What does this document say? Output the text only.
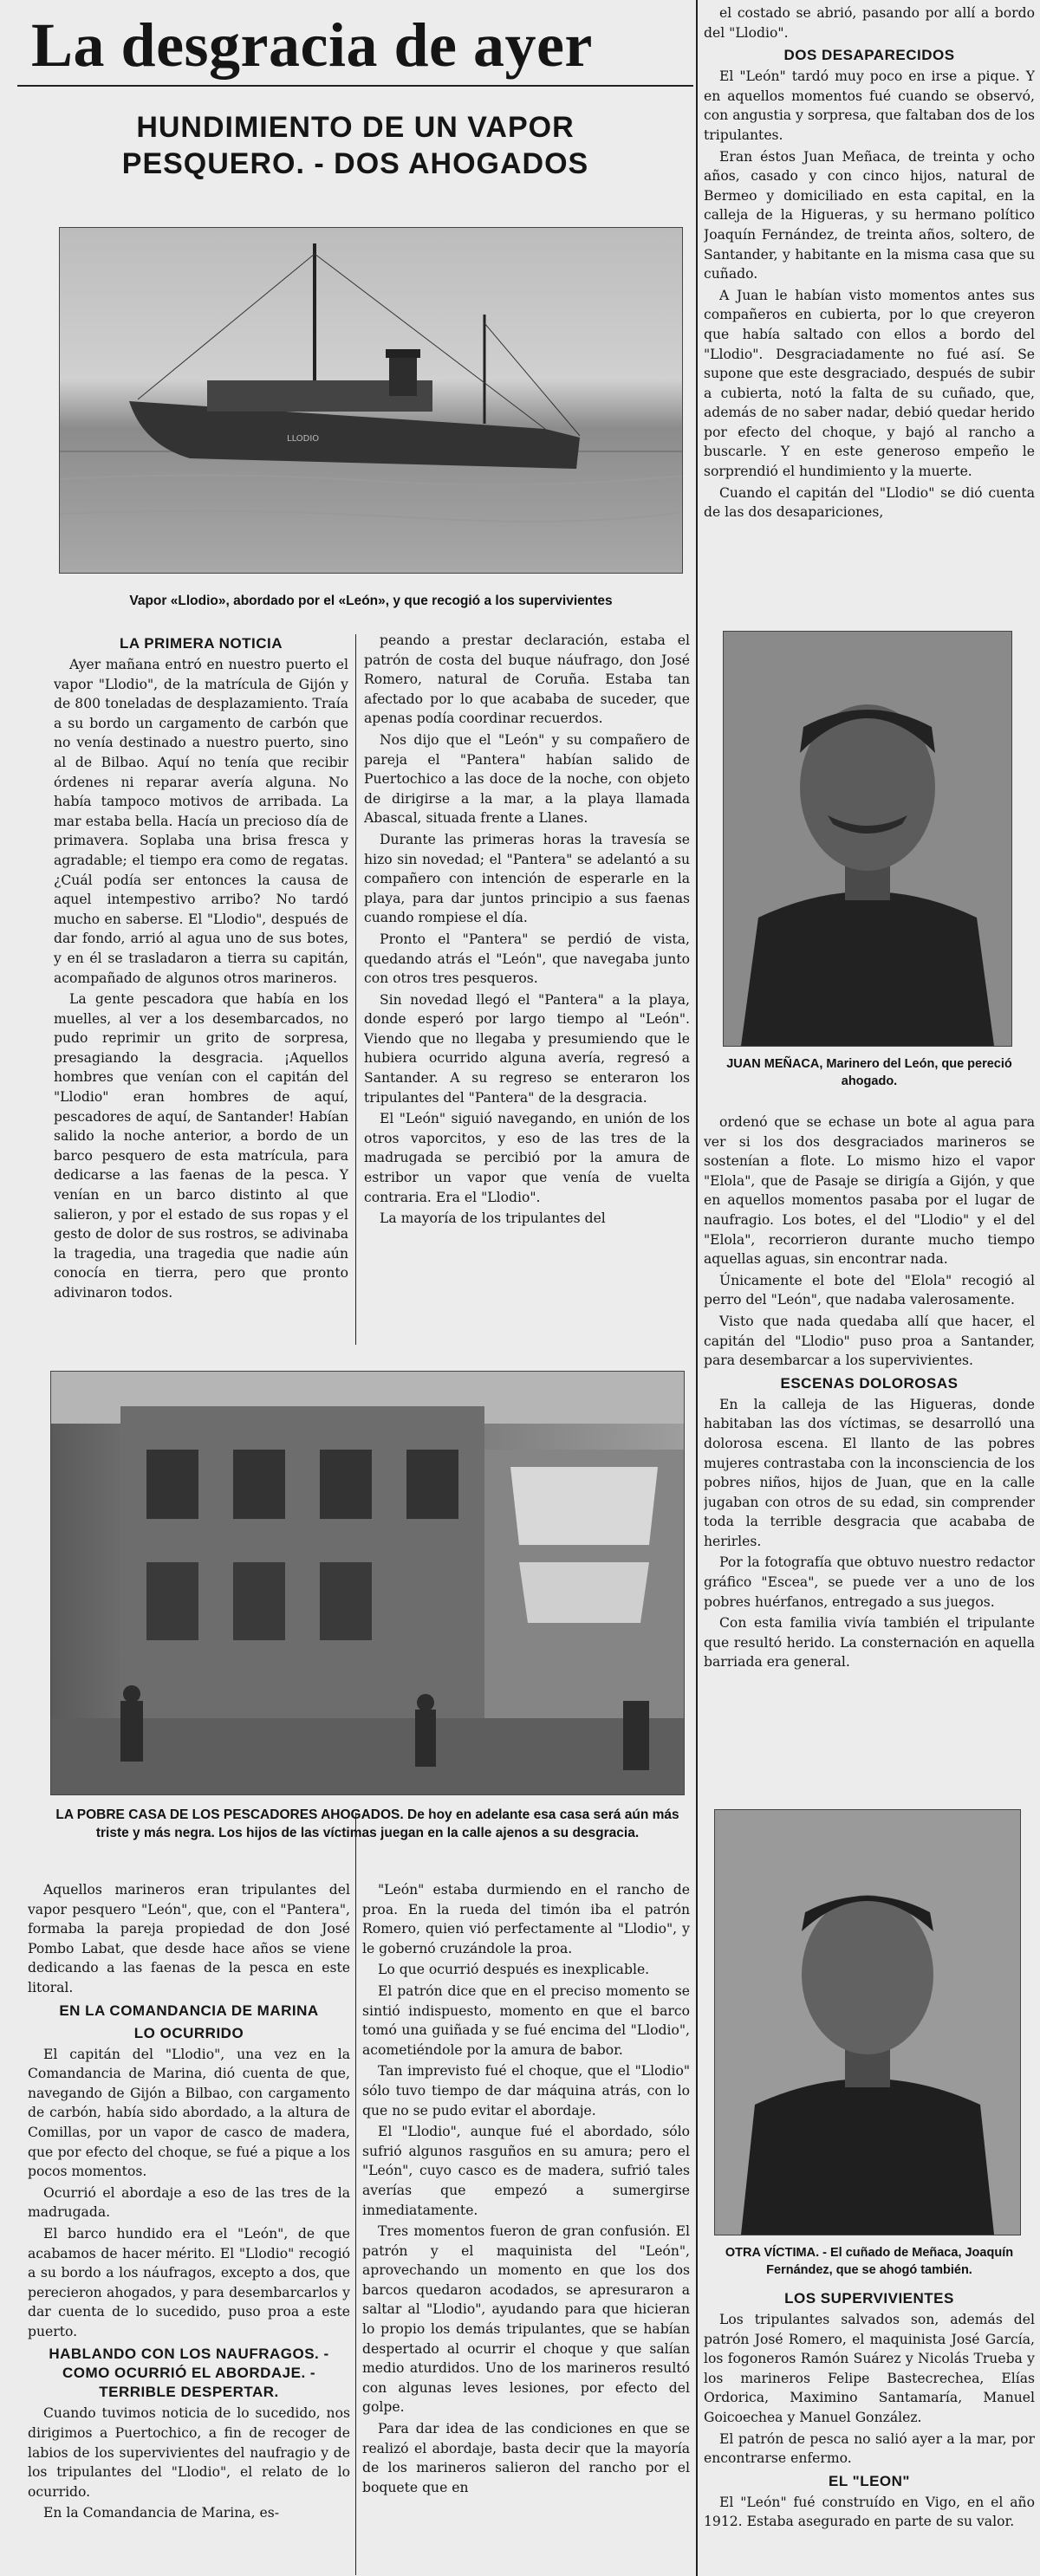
La desgracia de ayer
HUNDIMIENTO DE UN VAPOR
PESQUERO. - DOS AHOGADOS
LLODIO
Vapor «Llodio», abordado por el «León», y que recogió a los supervivientes
LA PRIMERA NOTICIA

Ayer mañana entró en nuestro puerto el vapor "Llodio", de la matrícula de Gijón y de 800 toneladas de desplazamiento. Traía a su bordo un cargamento de carbón que no venía destinado a nuestro puerto, sino al de Bilbao. Aquí no tenía que recibir órdenes ni reparar avería alguna. No había tampoco motivos de arribada. La mar estaba bella. Hacía un precioso día de primavera. Soplaba una brisa fresca y agradable; el tiempo era como de regatas. ¿Cuál podía ser entonces la causa de aquel intempestivo arribo? No tardó mucho en saberse. El "Llodio", después de dar fondo, arrió al agua uno de sus botes, y en él se trasladaron a tierra su capitán, acompañado de algunos otros marineros.

La gente pescadora que había en los muelles, al ver a los desembarcados, no pudo reprimir un grito de sorpresa, presagiando la desgracia. ¡Aquellos hombres que venían con el capitán del "Llodio" eran hombres de aquí, pescadores de aquí, de Santander! Habían salido la noche anterior, a bordo de un barco pesquero de esta matrícula, para dedicarse a las faenas de la pesca. Y venían en un barco distinto al que salieron, y por el estado de sus ropas y el gesto de dolor de sus rostros, se adivinaba la tragedia, una tragedia que nadie aún conocía en tierra, pero que pronto adivinaron todos.

peando a prestar declaración, estaba el patrón de costa del buque náufrago, don José Romero, natural de Coruña. Estaba tan afectado por lo que acababa de suceder, que apenas podía coordinar recuerdos.

Nos dijo que el "León" y su compañero de pareja el "Pantera" habían salido de Puertochico a las doce de la noche, con objeto de dirigirse a la mar, a la playa llamada Abascal, situada frente a Llanes.

Durante las primeras horas la travesía se hizo sin novedad; el "Pantera" se adelantó a su compañero con intención de esperarle en la playa, para dar juntos principio a sus faenas cuando rompiese el día.

Pronto el "Pantera" se perdió de vista, quedando atrás el "León", que navegaba junto con otros tres pesqueros.

Sin novedad llegó el "Pantera" a la playa, donde esperó por largo tiempo al "León". Viendo que no llegaba y presumiendo que le hubiera ocurrido alguna avería, regresó a Santander. A su regreso se enteraron los tripulantes del "Pantera" de la desgracia.

El "León" siguió navegando, en unión de los otros vaporcitos, y eso de las tres de la madrugada se percibió por la amura de estribor un vapor que venía de vuelta contraria. Era el "Llodio".

La mayoría de los tripulantes del

LA POBRE CASA DE LOS PESCADORES AHOGADOS. De hoy en adelante esa casa será aún más triste y más negra. Los hijos de las víctimas juegan en la calle ajenos a su desgracia.

Aquellos marineros eran tripulantes del vapor pesquero "León", que, con el "Pantera", formaba la pareja propiedad de don José Pombo Labat, que desde hace años se viene dedicando a las faenas de la pesca en este litoral.

EN LA COMANDANCIA DE MARINA
LO OCURRIDO

El capitán del "Llodio", una vez en la Comandancia de Marina, dió cuenta de que, navegando de Gijón a Bilbao, con cargamento de carbón, había sido abordado, a la altura de Comillas, por un vapor de casco de madera, que por efecto del choque, se fué a pique a los pocos momentos.

Ocurrió el abordaje a eso de las tres de la madrugada.

El barco hundido era el "León", de que acabamos de hacer mérito. El "Llodio" recogió a su bordo a los náufragos, excepto a dos, que perecieron ahogados, y para desembarcarlos y dar cuenta de lo sucedido, puso proa a este puerto.

HABLANDO CON LOS NAUFRAGOS. - COMO OCURRIÓ EL ABORDAJE. - TERRIBLE DESPERTAR.

Cuando tuvimos noticia de lo sucedido, nos dirigimos a Puertochico, a fin de recoger de labios de los supervivientes del naufragio y de los tripulantes del "Llodio", el relato de lo ocurrido.

En la Comandancia de Marina, es-

"León" estaba durmiendo en el rancho de proa. En la rueda del timón iba el patrón Romero, quien vió perfectamente al "Llodio", y le gobernó cruzándole la proa.

Lo que ocurrió después es inexplicable.

El patrón dice que en el preciso momento se sintió indispuesto, momento en que el barco tomó una guiñada y se fué encima del "Llodio", acometiéndole por la amura de babor.

Tan imprevisto fué el choque, que el "Llodio" sólo tuvo tiempo de dar máquina atrás, con lo que no se pudo evitar el abordaje.

El "Llodio", aunque fué el abordado, sólo sufrió algunos rasguños en su amura; pero el "León", cuyo casco es de madera, sufrió tales averías que empezó a sumergirse inmediatamente.

Tres momentos fueron de gran confusión. El patrón y el maquinista del "León", aprovechando un momento en que los dos barcos quedaron acodados, se apresuraron a saltar al "Llodio", ayudando para que hicieran lo propio los demás tripulantes, que se habían despertado al ocurrir el choque y que salían medio aturdidos. Uno de los marineros resultó con algunas leves lesiones, por efecto del golpe.

Para dar idea de las condiciones en que se realizó el abordaje, basta decir que la mayoría de los marineros salieron del rancho por el boquete que en

el costado se abrió, pasando por allí a bordo del "Llodio".

DOS DESAPARECIDOS

El "León" tardó muy poco en irse a pique. Y en aquellos momentos fué cuando se observó, con angustia y sorpresa, que faltaban dos de los tripulantes.

Eran éstos Juan Meñaca, de treinta y ocho años, casado y con cinco hijos, natural de Bermeo y domiciliado en esta capital, en la calleja de la Higueras, y su hermano político Joaquín Fernández, de treinta años, soltero, de Santander, y habitante en la misma casa que su cuñado.

A Juan le habían visto momentos antes sus compañeros en cubierta, por lo que creyeron que había saltado con ellos a bordo del "Llodio". Desgraciadamente no fué así. Se supone que este desgraciado, después de subir a cubierta, notó la falta de su cuñado, que, además de no saber nadar, debió quedar herido por efecto del choque, y bajó al rancho a buscarle. Y en este generoso empeño le sorprendió el hundimiento y la muerte.

Cuando el capitán del "Llodio" se dió cuenta de las dos desapariciones,

JUAN MEÑACA, Marinero del León, que pereció ahogado.

ordenó que se echase un bote al agua para ver si los dos desgraciados marineros se sostenían a flote. Lo mismo hizo el vapor "Elola", que de Pasaje se dirigía a Gijón, y que en aquellos momentos pasaba por el lugar de naufragio. Los botes, el del "Llodio" y el del "Elola", recorrieron durante mucho tiempo aquellas aguas, sin encontrar nada.

Únicamente el bote del "Elola" recogió al perro del "León", que nadaba valerosamente.

Visto que nada quedaba allí que hacer, el capitán del "Llodio" puso proa a Santander, para desembarcar a los supervivientes.

ESCENAS DOLOROSAS

En la calleja de las Higueras, donde habitaban las dos víctimas, se desarrolló una dolorosa escena. El llanto de las pobres mujeres contrastaba con la inconsciencia de los pobres niños, hijos de Juan, que en la calle jugaban con otros de su edad, sin comprender toda la terrible desgracia que acababa de herirles.

Por la fotografía que obtuvo nuestro redactor gráfico "Escea", se puede ver a uno de los pobres huérfanos, entregado a sus juegos.

Con esta familia vivía también el tripulante que resultó herido. La consternación en aquella barriada era general.

OTRA VÍCTIMA. - El cuñado de Meñaca, Joaquín Fernández, que se ahogó también.
LOS SUPERVIVIENTES

Los tripulantes salvados son, además del patrón José Romero, el maquinista José García, los fogoneros Ramón Suárez y Nicolás Trueba y los marineros Felipe Bastecrechea, Elías Ordorica, Maximino Santamaría, Manuel Goicoechea y Manuel González.

El patrón de pesca no salió ayer a la mar, por encontrarse enfermo.

EL "LEON"

El "León" fué construído en Vigo, en el año 1912. Estaba asegurado en parte de su valor.
